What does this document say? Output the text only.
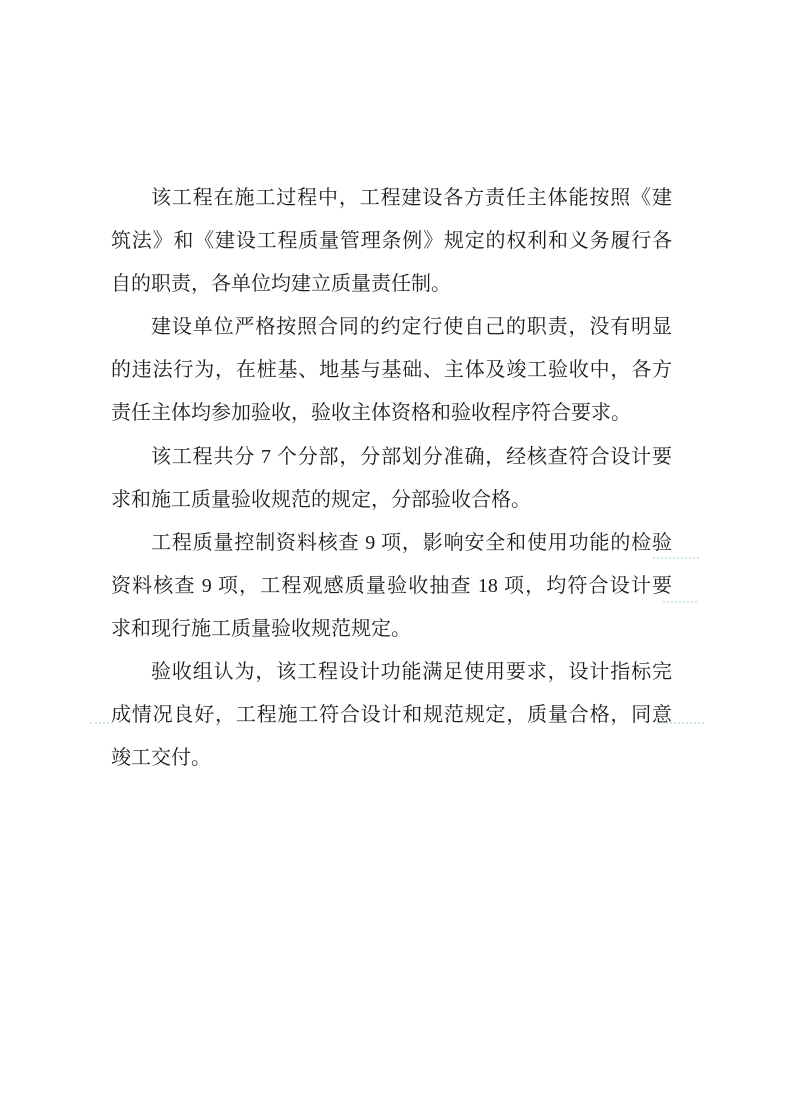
该工程在施工过程中，工程建设各方责任主体能按照《建
筑法》和《建设工程质量管理条例》规定的权利和义务履行各
自的职责，各单位均建立质量责任制。
建设单位严格按照合同的约定行使自己的职责，没有明显
的违法行为，在桩基、地基与基础、主体及竣工验收中，各方
责任主体均参加验收，验收主体资格和验收程序符合要求。
该工程共分 7 个分部，分部划分准确，经核查符合设计要
求和施工质量验收规范的规定，分部验收合格。
工程质量控制资料核查 9 项，影响安全和使用功能的检验
资料核查 9 项，工程观感质量验收抽查 18 项，均符合设计要
求和现行施工质量验收规范规定。
验收组认为，该工程设计功能满足使用要求，设计指标完
成情况良好，工程施工符合设计和规范规定，质量合格，同意
竣工交付。
